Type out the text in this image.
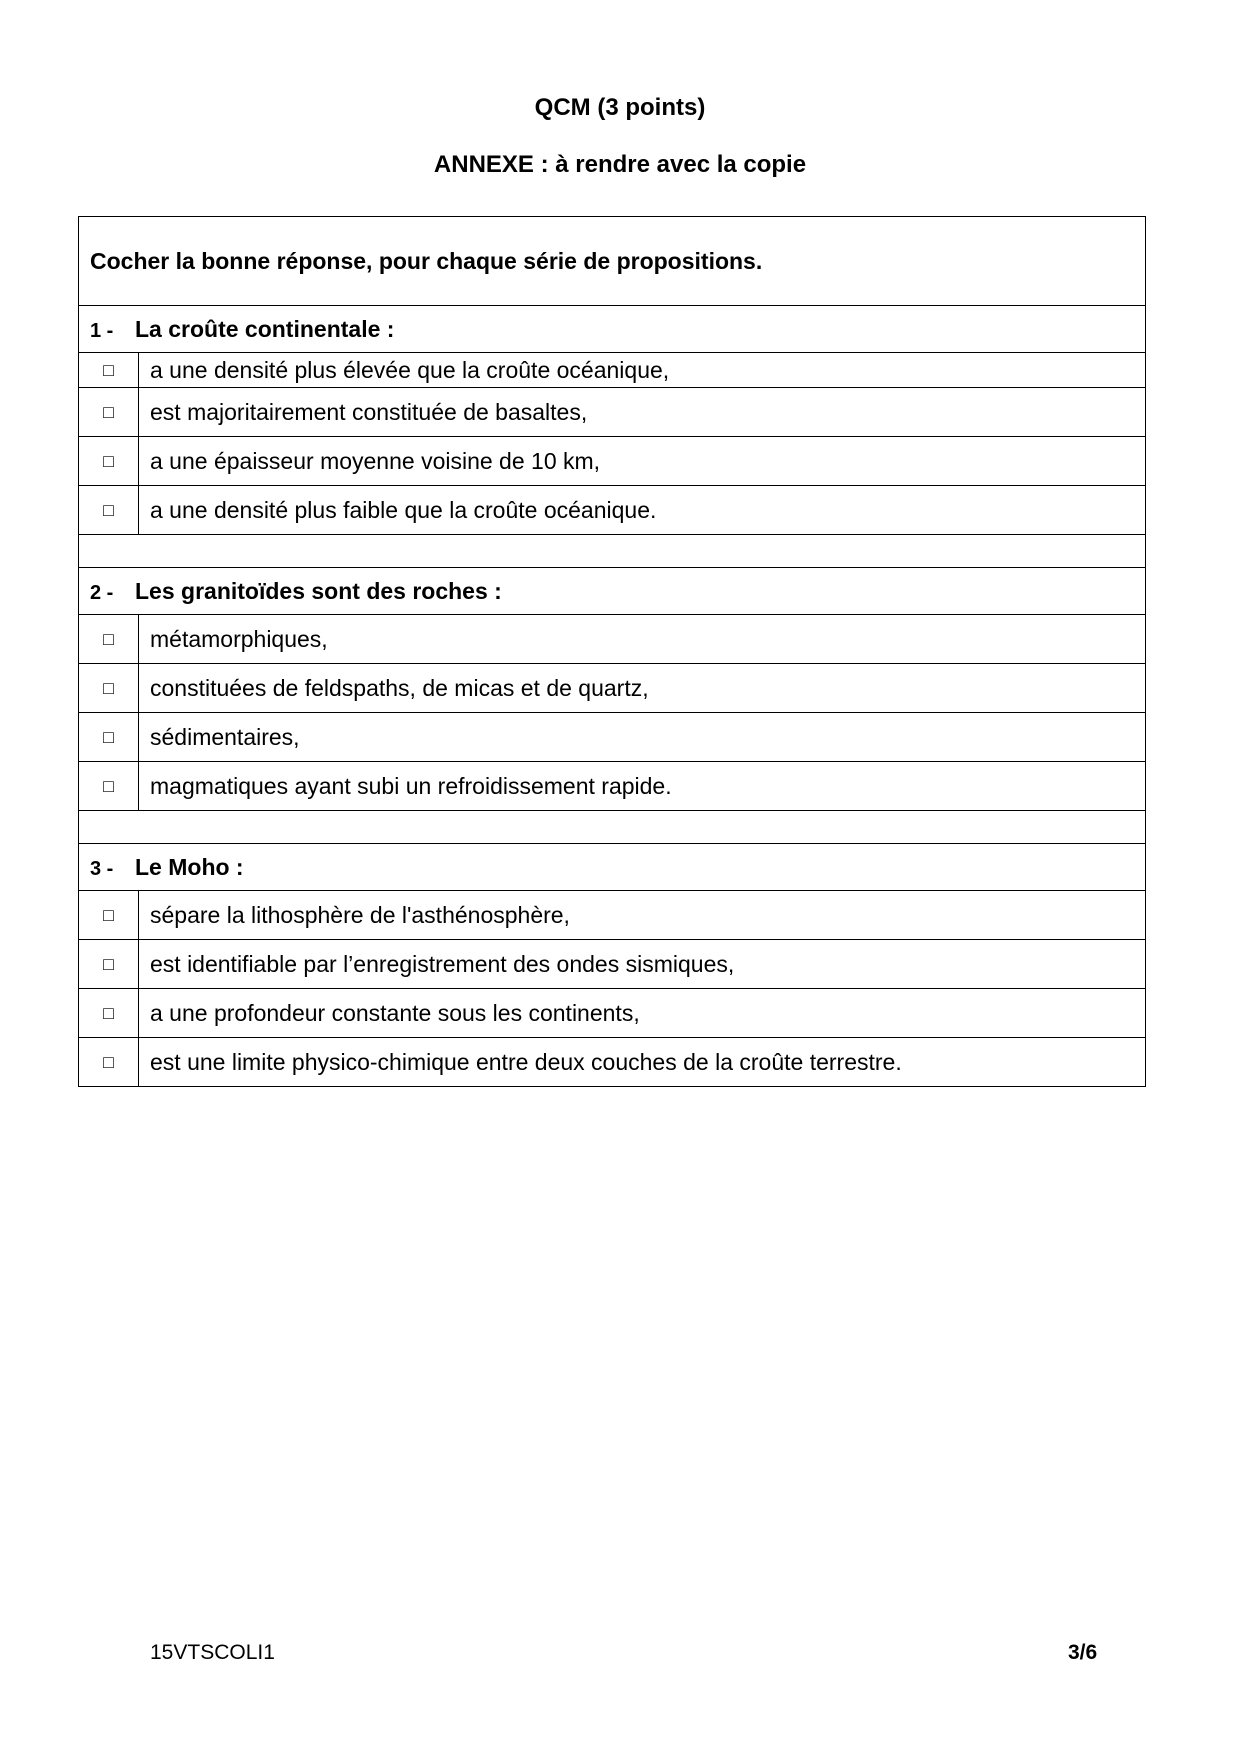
QCM (3 points)
ANNEXE : à rendre avec la copie
Cocher la bonne réponse, pour chaque série de propositions.	
1 - La croûte continentale :	
□	a une densité plus élevée que la croûte océanique,
□	est majoritairement constituée de basaltes,
□	a une épaisseur moyenne voisine de 10 km,
□	a une densité plus faible que la croûte océanique.

2 - Les granitoïdes sont des roches :	
□	métamorphiques,
□	constituées de feldspaths, de micas et de quartz,
□	sédimentaires,
□	magmatiques ayant subi un refroidissement rapide.

3 - Le Moho :	
□	sépare la lithosphère de l'asthénosphère,
□	est identifiable par l’enregistrement des ondes sismiques,
□	a une profondeur constante sous les continents,
□	est une limite physico-chimique entre deux couches de la croûte terrestre.
15VTSCOLI1	3/6
